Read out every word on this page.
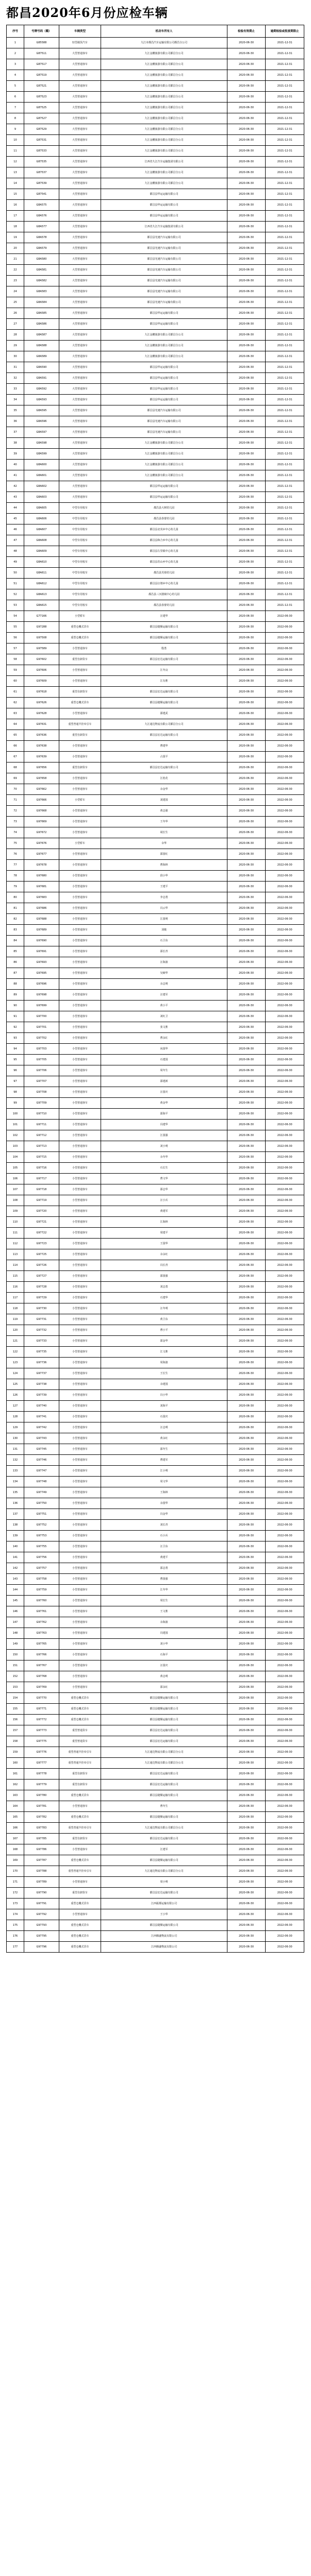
都昌2020年6月份应检车辆
序号	号牌号码（赣）	车辆类型	机动车所有人	检验有效期止	逾期检验或报废期限止
1	G85588	轻型载货汽车	九江市都昌汽车运输有限公司都昌分公司	2020-06-30	2021-12-31
2	G87511	大型普通客车	九江金鹏旅游有限公司都昌分公司	2020-06-30	2021-12-31
3	G87517	大型普通客车	九江金鹏旅游有限公司都昌分公司	2020-06-30	2021-12-31
4	G87519	大型普通客车	九江金鹏旅游有限公司都昌分公司	2020-06-30	2021-12-31
5	G87521	大型普通客车	九江金鹏旅游有限公司都昌分公司	2020-06-30	2021-12-31
6	G87523	大型普通客车	九江金鹏旅游有限公司都昌分公司	2020-06-30	2021-12-31
7	G87525	大型普通客车	九江金鹏旅游有限公司都昌分公司	2020-06-30	2021-12-31
8	G87527	大型普通客车	九江金鹏旅游有限公司都昌分公司	2020-06-30	2021-12-31
9	G87529	大型普通客车	九江金鹏旅游有限公司都昌分公司	2020-06-30	2021-12-31
10	G87531	大型普通客车	九江金鹏旅游有限公司都昌分公司	2020-06-30	2021-12-31
11	G87533	大型普通客车	九江金鹏旅游有限公司都昌分公司	2020-06-30	2021-12-31
12	G87535	大型普通客车	江西省九江汽车运输集团有限公司	2020-06-30	2021-12-31
13	G87537	大型普通客车	九江金鹏旅游有限公司都昌分公司	2020-06-30	2021-12-31
14	G87539	大型普通客车	九江金鹏旅游有限公司都昌分公司	2020-06-30	2021-12-31
15	G87541	大型普通客车	都昌县华运运输有限公司	2020-06-30	2021-12-31
16	G8A575	大型普通客车	都昌县华运运输有限公司	2020-06-30	2021-12-31
17	G8A576	大型普通客车	都昌县华运运输有限公司	2020-06-30	2021-12-31
18	G8A577	大型普通客车	江西省九江汽车运输集团有限公司	2020-06-30	2021-12-31
19	G8A578	大型普通客车	都昌县光速汽车运输有限公司	2020-06-30	2021-12-31
20	G8A579	大型普通客车	都昌县光速汽车运输有限公司	2020-06-30	2021-12-31
21	G8A580	大型普通客车	都昌县光速汽车运输有限公司	2020-06-30	2021-12-31
22	G8A581	大型普通客车	都昌县光速汽车运输有限公司	2020-06-30	2021-12-31
23	G8A582	大型普通客车	都昌县光速汽车运输有限公司	2020-06-30	2021-12-31
24	G8A583	大型普通客车	都昌县光速汽车运输有限公司	2020-06-30	2021-12-31
25	G8A584	大型普通客车	都昌县光速汽车运输有限公司	2020-06-30	2021-12-31
26	G8A585	大型普通客车	都昌县华运运输有限公司	2020-06-30	2021-12-31
27	G8A586	大型普通客车	都昌县华运运输有限公司	2020-06-30	2021-12-31
28	G8A587	大型普通客车	九江金鹏旅游有限公司都昌分公司	2020-06-30	2021-12-31
29	G8A588	大型普通客车	九江金鹏旅游有限公司都昌分公司	2020-06-30	2021-12-31
30	G8A589	大型普通客车	九江金鹏旅游有限公司都昌分公司	2020-06-30	2021-12-31
31	G8A590	大型普通客车	都昌县华运运输有限公司	2020-06-30	2021-12-31
32	G8A591	大型普通客车	都昌县华运运输有限公司	2020-06-30	2021-12-31
33	G8A592	大型普通客车	都昌县华运运输有限公司	2020-06-30	2021-12-31
34	G8A593	大型普通客车	都昌县华运运输有限公司	2020-06-30	2021-12-31
35	G8A595	大型普通客车	都昌县光速汽车运输有限公司	2020-06-30	2021-12-31
36	G8A596	大型普通客车	都昌县光速汽车运输有限公司	2020-06-30	2021-12-31
37	G8A597	大型普通客车	都昌县光速汽车运输有限公司	2020-06-30	2021-12-31
38	G8A598	大型普通客车	九江金鹏旅游有限公司都昌分公司	2020-06-30	2021-12-31
39	G8A599	大型普通客车	九江金鹏旅游有限公司都昌分公司	2020-06-30	2021-12-31
40	G8A600	大型普通客车	九江金鹏旅游有限公司都昌分公司	2020-06-30	2021-12-31
41	G8A601	大型普通客车	九江金鹏旅游有限公司都昌分公司	2020-06-30	2021-12-31
42	G8A602	大型普通客车	都昌县华运运输有限公司	2020-06-30	2021-12-31
43	G8A603	大型普通客车	都昌县华运运输有限公司	2020-06-30	2021-12-31
44	G8A605	中型专用校车	都昌县大树幼儿园	2020-06-30	2021-12-31
45	G8A606	中型专用校车	都昌县春蕾幼儿园	2020-06-30	2021-12-31
46	G8A607	中型专用校车	都昌县北炎乡中心幼儿园	2020-06-30	2021-12-31
47	G8A608	中型专用校车	都昌县和合乡中心幼儿园	2020-06-30	2021-12-31
48	G8A609	中型专用校车	都昌县左里镇中心幼儿园	2020-06-30	2021-12-31
49	G8A610	中型专用校车	都昌县苏山乡中心幼儿园	2020-06-30	2021-12-31
50	G8A611	中型专用校车	都昌县芙蓉幼儿园	2020-06-30	2021-12-31
51	G8A612	中型专用校车	都昌县汪墩乡中心幼儿园	2020-06-30	2021-12-31
52	G8A613	中型专用校车	都昌县三汊港镇中心幼儿园	2020-06-30	2021-12-31
53	G8A615	中型专用校车	都昌县春蕾幼儿园	2020-06-30	2021-12-31
54	G77166	小型轿车	汪建华	2020-06-30	2022-06-30
55	G97288	重型仓栅式货车	都昌县捷顺运输有限公司	2020-06-30	2022-06-30
56	G97508	重型仓栅式货车	都昌县捷顺运输有限公司	2020-06-30	2022-06-30
57	G97589	小型普通客车	殷勇	2020-06-30	2022-06-30
58	G97602	重型自卸货车	都昌县宏达运输有限公司	2020-06-30	2022-06-30
59	G97606	小型普通客车	江冬良	2020-06-30	2022-06-30
60	G97609	小型普通客车	江有胜	2020-06-30	2022-06-30
61	G97618	重型自卸货车	都昌县宏达运输有限公司	2020-06-30	2022-06-30
62	G97626	重型仓栅式货车	都昌县捷顺运输有限公司	2020-06-30	2022-06-30
63	G97628	小型普通客车	邵建武	2020-06-30	2022-06-30
64	G97631	重型普通半挂牵引车	九江通达物流有限公司都昌分公司	2020-06-30	2022-06-30
65	G97636	重型自卸货车	都昌县宏达运输有限公司	2020-06-30	2022-06-30
66	G97638	小型普通客车	曹建华	2020-06-30	2022-06-30
67	G97639	小型普通客车	占国平	2020-06-30	2022-06-30
68	G97656	重型自卸货车	都昌县宏达运输有限公司	2020-06-30	2022-06-30
69	G97658	小型普通客车	江桂花	2020-06-30	2022-06-30
70	G97662	小型普通客车	余金华	2020-06-30	2022-06-30
71	G97666	小型轿车	刘建国	2020-06-30	2022-06-30
72	G97668	小型普通客车	黄志强	2020-06-30	2022-06-30
73	G97669	小型普通客车	王冬华	2020-06-30	2022-06-30
74	G97672	小型普通客车	胡长生	2020-06-30	2022-06-30
75	G97676	小型轿车	余华	2020-06-30	2022-06-30
76	G97677	小型普通客车	邵国红	2020-06-30	2022-06-30
77	G97678	小型普通客车	曹海林	2020-06-30	2022-06-30
78	G97680	小型普通客车	段小华	2020-06-30	2022-06-30
79	G97681	小型普通客车	王建平	2020-06-30	2022-06-30
80	G97683	小型普通客车	李志勇	2020-06-30	2022-06-30
81	G97686	小型普通客车	冯云华	2020-06-30	2022-06-30
82	G97688	小型普通客车	江国明	2020-06-30	2022-06-30
83	G97689	小型普通客车	刘俊	2020-06-30	2022-06-30
84	G97690	小型普通客车	石卫东	2020-06-30	2022-06-30
85	G97691	小型普通客车	邵长青	2020-06-30	2022-06-30
86	G97693	小型普通客车	汪海波	2020-06-30	2022-06-30
87	G97695	小型普通客车	吴细华	2020-06-30	2022-06-30
88	G97696	小型普通客车	余志明	2020-06-30	2022-06-30
89	G97698	小型普通客车	汪建军	2020-06-30	2022-06-30
90	G97699	小型普通客车	黄小平	2020-06-30	2022-06-30
91	G97700	小型普通客车	刘红卫	2020-06-30	2022-06-30
92	G97701	小型普通客车	张文胜	2020-06-30	2022-06-30
93	G97702	小型普通客车	曹永红	2020-06-30	2022-06-30
94	G97703	小型普通客车	向国华	2020-06-30	2022-06-30
95	G97705	小型普通客车	石建国	2020-06-30	2022-06-30
96	G97706	小型普通客车	周冬生	2020-06-30	2022-06-30
97	G97707	小型普通客车	邵建新	2020-06-30	2022-06-30
98	G97708	小型普通客车	汪国庆	2020-06-30	2022-06-30
99	G97709	小型普通客车	黄金华	2020-06-30	2022-06-30
100	G97710	小型普通客车	邵海平	2020-06-30	2022-06-30
101	G97711	小型普通客车	冯建华	2020-06-30	2022-06-30
102	G97712	小型普通客车	江国强	2020-06-30	2022-06-30
103	G97713	小型普通客车	刘小明	2020-06-30	2022-06-30
104	G97715	小型普通客车	余冬华	2020-06-30	2022-06-30
105	G97716	小型普通客车	石长生	2020-06-30	2022-06-30
106	G97717	小型普通客车	曹文华	2020-06-30	2022-06-30
107	G97718	小型普通客车	邵志华	2020-06-30	2022-06-30
108	G97719	小型普通客车	汪小兵	2020-06-30	2022-06-30
109	G97720	小型普通客车	黄建军	2020-06-30	2022-06-30
110	G97721	小型普通客车	江海林	2020-06-30	2022-06-30
111	G97722	小型普通客车	周建平	2020-06-30	2022-06-30
112	G97723	小型普通客车	王国华	2020-06-30	2022-06-30
113	G97725	小型普通客车	余永红	2020-06-30	2022-06-30
114	G97726	小型普通客车	冯长青	2020-06-30	2022-06-30
115	G97727	小型普通客车	邵国强	2020-06-30	2022-06-30
116	G97728	小型普通客车	刘志勇	2020-06-30	2022-06-30
117	G97729	小型普通客车	石建华	2020-06-30	2022-06-30
118	G97730	小型普通客车	汪冬明	2020-06-30	2022-06-30
119	G97731	小型普通客车	黄卫东	2020-06-30	2022-06-30
120	G97732	小型普通客车	曹小平	2020-06-30	2022-06-30
121	G97733	小型普通客车	邵金华	2020-06-30	2022-06-30
122	G97735	小型普通客车	江文胜	2020-06-30	2022-06-30
123	G97736	小型普通客车	周海波	2020-06-30	2022-06-30
124	G97737	小型普通客车	王长生	2020-06-30	2022-06-30
125	G97738	小型普通客车	余建国	2020-06-30	2022-06-30
126	G97739	小型普通客车	冯小华	2020-06-30	2022-06-30
127	G97740	小型普通客车	刘海平	2020-06-30	2022-06-30
128	G97741	小型普通客车	石国庆	2020-06-30	2022-06-30
129	G97742	小型普通客车	汪志明	2020-06-30	2022-06-30
130	G97743	小型普通客车	黄永红	2020-06-30	2022-06-30
131	G97745	小型普通客车	邵冬生	2020-06-30	2022-06-30
132	G97746	小型普通客车	曹建军	2020-06-30	2022-06-30
133	G97747	小型普通客车	江小明	2020-06-30	2022-06-30
134	G97748	小型普通客车	周文华	2020-06-30	2022-06-30
135	G97749	小型普通客车	王海林	2020-06-30	2022-06-30
136	G97750	小型普通客车	余国华	2020-06-30	2022-06-30
137	G97751	小型普通客车	冯金华	2020-06-30	2022-06-30
138	G97752	小型普通客车	刘长青	2020-06-30	2022-06-30
139	G97753	小型普通客车	石小兵	2020-06-30	2022-06-30
140	G97755	小型普通客车	汪卫东	2020-06-30	2022-06-30
141	G97756	小型普通客车	黄建平	2020-06-30	2022-06-30
142	G97757	小型普通客车	邵志勇	2020-06-30	2022-06-30
143	G97758	小型普通客车	曹国强	2020-06-30	2022-06-30
144	G97759	小型普通客车	江冬华	2020-06-30	2022-06-30
145	G97760	小型普通客车	周长生	2020-06-30	2022-06-30
146	G97761	小型普通客车	王文胜	2020-06-30	2022-06-30
147	G97762	小型普通客车	余海波	2020-06-30	2022-06-30
148	G97763	小型普通客车	冯建国	2020-06-30	2022-06-30
149	G97765	小型普通客车	刘小华	2020-06-30	2022-06-30
150	G97766	小型普通客车	石海平	2020-06-30	2022-06-30
151	G97767	小型普通客车	汪国庆	2020-06-30	2022-06-30
152	G97768	小型普通客车	黄志明	2020-06-30	2022-06-30
153	G97769	小型普通客车	邵永红	2020-06-30	2022-06-30
154	G97770	重型仓栅式货车	都昌县捷顺运输有限公司	2020-06-30	2022-06-30
155	G97771	重型仓栅式货车	都昌县捷顺运输有限公司	2020-06-30	2022-06-30
156	G97772	重型仓栅式货车	都昌县捷顺运输有限公司	2020-06-30	2022-06-30
157	G97773	重型普通货车	都昌县宏达运输有限公司	2020-06-30	2022-06-30
158	G97775	重型普通货车	都昌县宏达运输有限公司	2020-06-30	2022-06-30
159	G97776	重型普通半挂牵引车	九江通达物流有限公司都昌分公司	2020-06-30	2022-06-30
160	G97777	重型普通半挂牵引车	九江通达物流有限公司都昌分公司	2020-06-30	2022-06-30
161	G97778	重型自卸货车	都昌县宏达运输有限公司	2020-06-30	2022-06-30
162	G97779	重型自卸货车	都昌县宏达运输有限公司	2020-06-30	2022-06-30
163	G97780	重型仓栅式货车	都昌县捷顺运输有限公司	2020-06-30	2022-06-30
164	G97781	小型普通客车	曹冬生	2020-06-30	2022-06-30
165	G97782	重型仓栅式货车	都昌县捷顺运输有限公司	2020-06-30	2022-06-30
166	G97783	重型普通半挂牵引车	九江通达物流有限公司都昌分公司	2020-06-30	2022-06-30
167	G97785	重型自卸货车	都昌县宏达运输有限公司	2020-06-30	2022-06-30
168	G97786	小型普通客车	江建军	2020-06-30	2022-06-30
169	G97787	重型仓栅式货车	都昌县捷顺运输有限公司	2020-06-30	2022-06-30
170	G97788	重型普通半挂牵引车	九江通达物流有限公司都昌分公司	2020-06-30	2022-06-30
171	G97789	小型普通客车	周小明	2020-06-30	2022-06-30
172	G97790	重型自卸货车	都昌县宏达运输有限公司	2020-06-30	2022-06-30
173	G97791	重型仓栅式货车	江西振都运输有限公司	2020-06-30	2022-06-30
174	G97792	小型普通客车	王小华	2020-06-30	2022-06-30
175	G97793	重型仓栅式货车	都昌县捷顺运输有限公司	2020-06-30	2022-06-30
176	G97795	重型仓栅式货车	江西腾盛物流有限公司	2020-06-30	2022-06-30
177	G97796	重型仓栅式货车	江西腾盛物流有限公司	2020-06-30	2022-06-30
